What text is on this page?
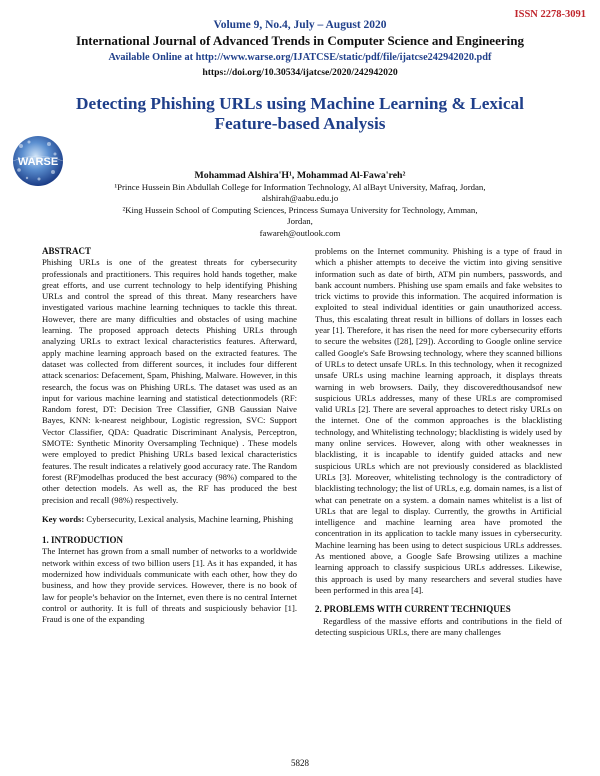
ISSN 2278-3091
Volume 9, No.4, July – August 2020
International Journal of Advanced Trends in Computer Science and Engineering
Available Online at http://www.warse.org/IJATCSE/static/pdf/file/ijatcse242942020.pdf
https://doi.org/10.30534/ijatcse/2020/242942020
Detecting Phishing URLs using Machine Learning & Lexical
Feature-based Analysis
WARSE
Mohammad Alshira'H¹, Mohammad Al-Fawa'reh²
¹Prince Hussein Bin Abdullah College for Information Technology, Al alBayt University, Mafraq, Jordan,
alshirah@aabu.edu.jo
²King Hussein School of Computing Sciences, Princess Sumaya University for Technology, Amman, Jordan,
fawareh@outlook.com

ABSTRACT

Phishing URLs is one of the greatest threats for cybersecurity professionals and practitioners. This requires hold hands together, make great efforts, and use current technology to help identifying Phishing URLs and control the spread of this threat. Many researchers have investigated various machine learning techniques to tackle this threat. However, there are many difficulties and obstacles of using machine learning. The proposed approach detects Phishing URLs through analyzing URLs to extract lexical characteristics features. Afterward, apply machine learning approach based on the extracted features. The dataset was collected from different sources, it includes four different attack scenarios: Defacement, Spam, Phishing, Malware. However, in this research, the focus was on Phishing URLs. The dataset was used as an input for various machine learning and statistical detectionmodels (RF: Random forest, DT: Decision Tree Classifier, GNB Gaussian Naive Bayes, KNN: k-nearest neighbour, Logistic regression, SVC: Support Vector Classifier, QDA: Quadratic Discriminant Analysis, Perceptron, SMOTE: Synthetic Minority Oversampling Technique) . These models were employed to predict Phishing URLs based lexical characteristics features. The result indicates a relatively good accuracy rate. The Random forest (RF)modelhas produced the best accuracy (98%) compared to the other detection models. As well as, the RF has produced the best precision and recall (98%) respectively.

Key words: Cybersecurity, Lexical analysis, Machine learning, Phishing

1. INTRODUCTION

The Internet has grown from a small number of networks to a worldwide network within excess of two billion users [1]. As it has expanded, it has modernized how individuals communicate with each other, how they do business, and how they provide services. However, there is no book of law for people’s behavior on the Internet, even there is no central Internet control or authority. It is full of threats and suspiciously behavior [1]. Fraud is one of the expanding

problems on the Internet community. Phishing is a type of fraud in which a phisher attempts to deceive the victim into giving sensitive information such as date of birth, ATM pin numbers, passwords, and bank account numbers. Phishing use spam emails and fake websites to trick victims to provide this information. The acquired information is exploited to steal individual identities or gain unauthorized access. Thus, this escalating threat result in billions of dollars in losses each year [1]. Therefore, it has risen the need for more cybersecurity efforts to secure the websites ([28], [29]). According to Google online service called Google's Safe Browsing technology, where they scanned billions of URLs to detect unsafe URLs. In this technology, when it recognized unsafe URLs using machine learning approach, it displays threats warning in web browsers. Daily, they discoveredthousandsof new suspicious URLs addresses, many of these URLs are compromised valid URLs [2]. There are several approaches to detect risky URLs on the internet. One of the common approaches is the blacklisting technology, and Whitelisting technology; blacklisting is widely used by many online services. However, along with other weaknesses in blacklisting, it is incapable to identify guided attacks and new suspicious URLs which are not previously considered as blacklisted URLs [3]. Moreover, whitelisting technology is the contradictory of blacklisting technology; the list of URLs, e.g. domain names, is a list of what can penetrate on a system. a domain names whitelist is a list of URLs that are legal to display. Currently, the growths in Artificial intelligence and machine learning area have promoted the concentration in its application to tackle many issues in cybersecurity. Machine learning has been using to detect suspicious URLs addresses. As mentioned above, a Google Safe Browsing utilizes a machine learning approach to classify suspicious URLs addresses. Likewise, this approach is used by many researchers and several studies have been performed in this area [4].

2. PROBLEMS WITH CURRENT TECHNIQUES

Regardless of the massive efforts and contributions in the field of detecting suspicious URLs, there are many challenges

5828
